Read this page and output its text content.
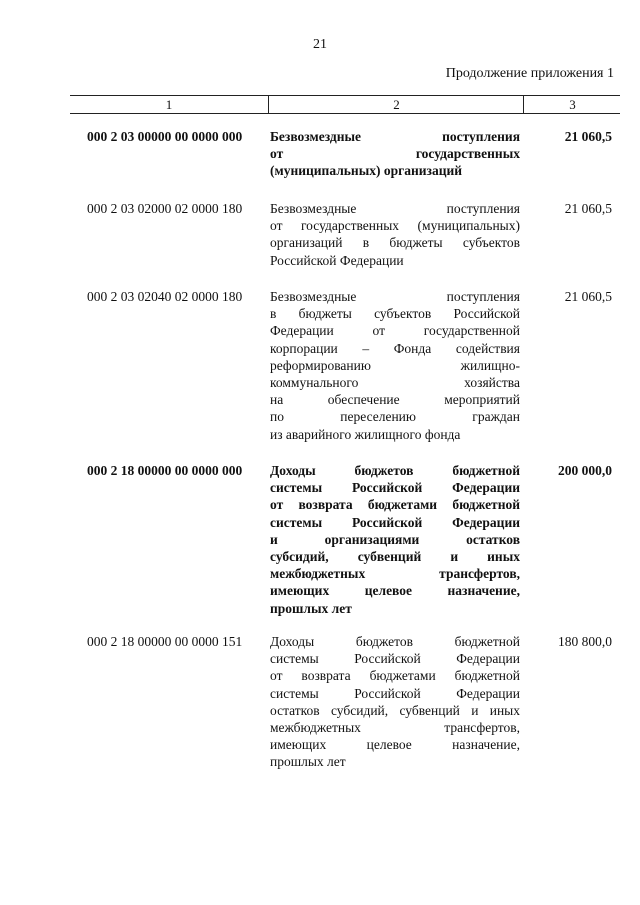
21
Продолжение приложения 1
1	2	3
000 2 03 00000 00 0000 000	Безвозмездные поступления
от государственных
(муниципальных) организаций
21 060,5
000 2 03 02000 02 0000 180	Безвозмездные поступления
от государственных (муниципальных)
организаций в бюджеты субъектов
Российской Федерации
21 060,5
000 2 03 02040 02 0000 180	Безвозмездные поступления
в бюджеты субъектов Российской
Федерации от государственной
корпорации – Фонда содействия
реформированию жилищно-
коммунального хозяйства
на обеспечение мероприятий
по переселению граждан
из аварийного жилищного фонда
21 060,5
000 2 18 00000 00 0000 000	Доходы бюджетов бюджетной
системы Российской Федерации
от возврата бюджетами бюджетной
системы Российской Федерации
и организациями остатков
субсидий, субвенций и иных
межбюджетных трансфертов,
имеющих целевое назначение,
прошлых лет
200 000,0
000 2 18 00000 00 0000 151	Доходы бюджетов бюджетной
системы Российской Федерации
от возврата бюджетами бюджетной
системы Российской Федерации
остатков субсидий, субвенций и иных
межбюджетных трансфертов,
имеющих целевое назначение,
прошлых лет
180 800,0
